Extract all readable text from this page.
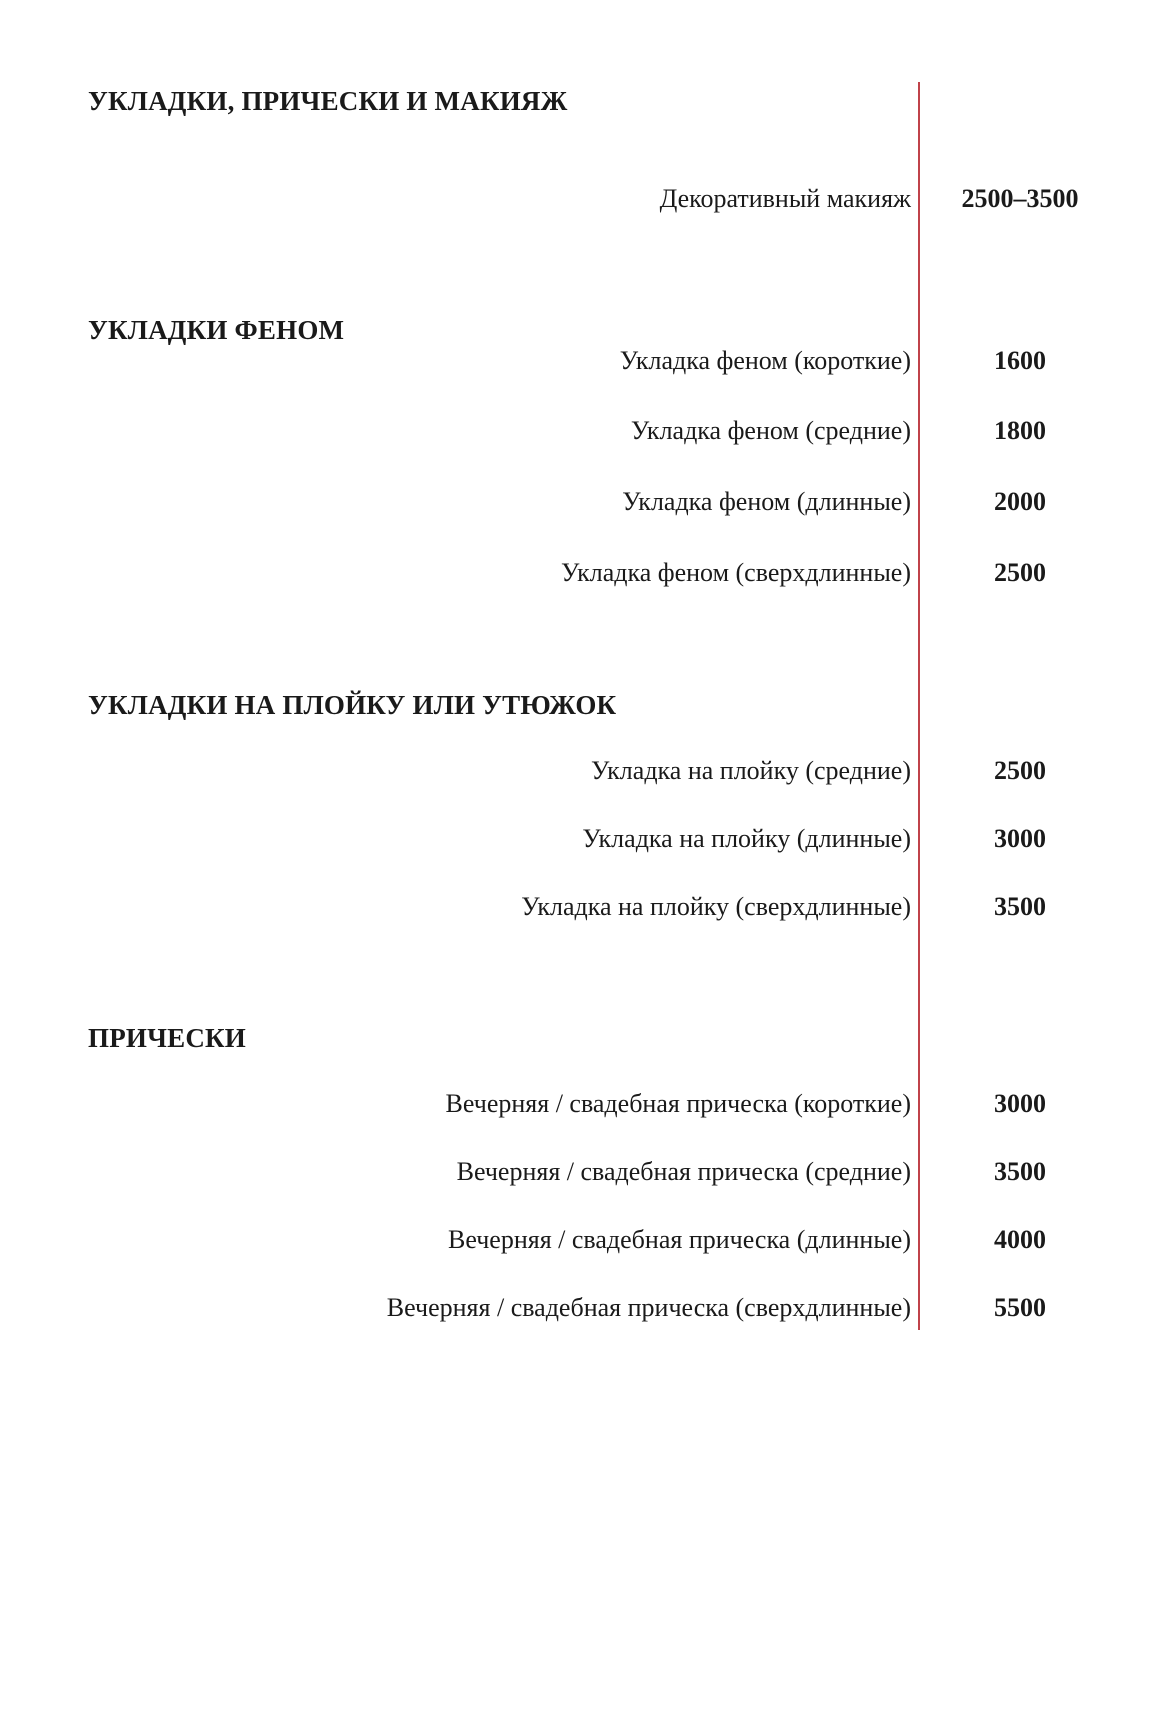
УКЛАДКИ, ПРИЧЕСКИ И МАКИЯЖ
Декоративный макияж	2500–3500
УКЛАДКИ ФЕНОМ
Укладка феном (короткие)	1600
Укладка феном (средние)	1800
Укладка феном (длинные)	2000
Укладка феном (сверхдлинные)	2500
УКЛАДКИ НА ПЛОЙКУ ИЛИ УТЮЖОК
Укладка на плойку (средние)	2500
Укладка на плойку (длинные)	3000
Укладка на плойку (сверхдлинные)	3500
ПРИЧЕСКИ
Вечерняя / свадебная прическа (короткие)	3000
Вечерняя / свадебная прическа (средние)	3500
Вечерняя / свадебная прическа (длинные)	4000
Вечерняя / свадебная прическа (сверхдлинные)	5500
